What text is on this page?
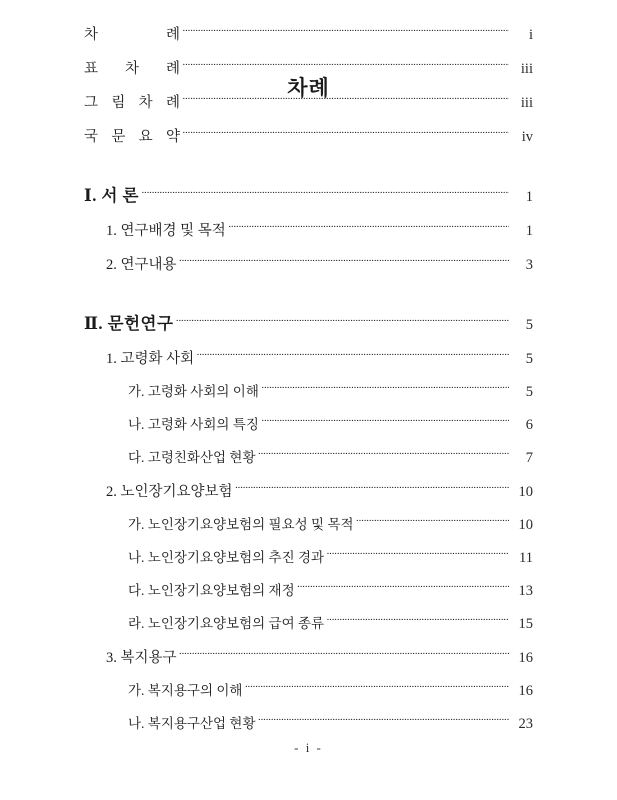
차례
차	례 ·····	i
표 차 례 ·····	iii
그 림 차 례 ·····	iii
국 문 요 약 ·····	iv
Ⅰ. 서 론 ·····	1
1. 연구배경 및 목적 ·····	1
2. 연구내용 ·····	3
Ⅱ. 문헌연구 ·····	5
1. 고령화 사회 ·····	5
가. 고령화 사회의 이해 ·····	5
나. 고령화 사회의 특징 ·····	6
다. 고령친화산업 현황 ·····	7
2. 노인장기요양보험 ·····	10
가. 노인장기요양보험의 필요성 및 목적 ·····	10
나. 노인장기요양보험의 추진 경과 ·····	11
다. 노인장기요양보험의 재정 ·····	13
라. 노인장기요양보험의 급여 종류 ·····	15
3. 복지용구 ·····	16
가. 복지용구의 이해 ·····	16
나. 복지용구산업 현황 ·····	23
- i -
